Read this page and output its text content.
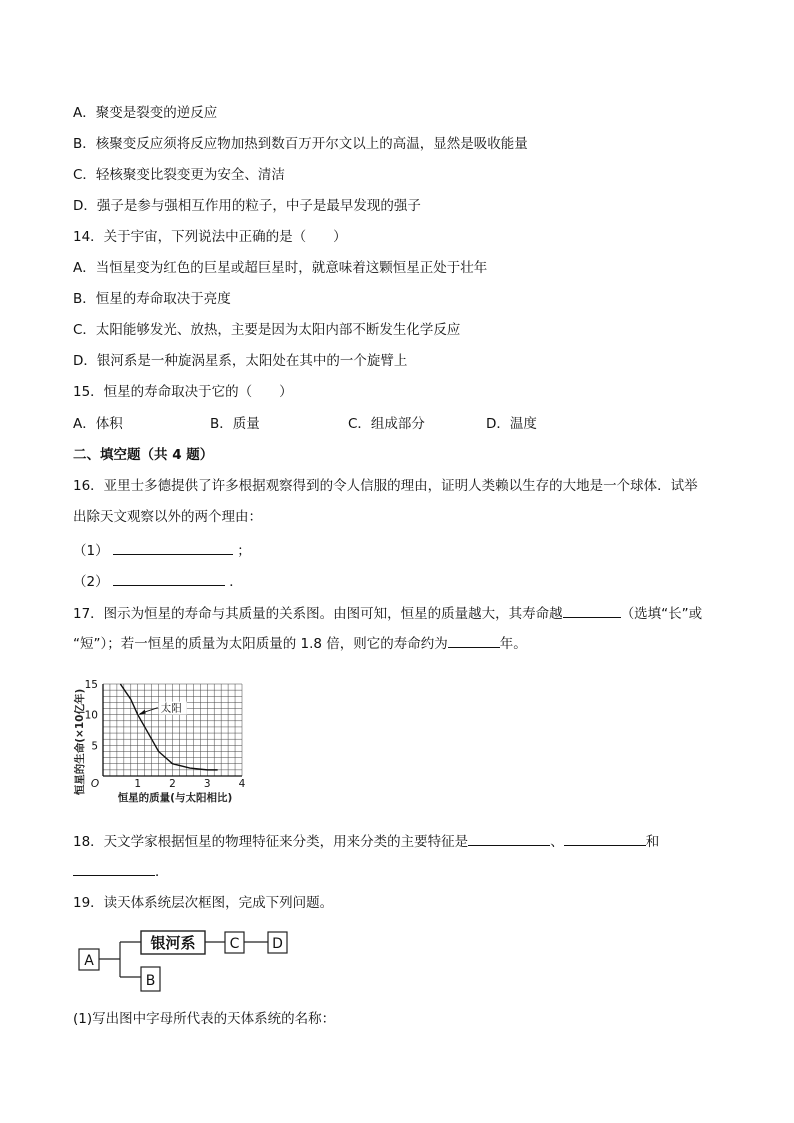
A．聚变是裂变的逆反应
B．核聚变反应须将反应物加热到数百万开尔文以上的高温，显然是吸收能量
C．轻核聚变比裂变更为安全、清洁
D．强子是参与强相互作用的粒子，中子是最早发现的强子
14．关于宇宙，下列说法中正确的是（　　）
A．当恒星变为红色的巨星或超巨星时，就意味着这颗恒星正处于壮年
B．恒星的寿命取决于亮度
C．太阳能够发光、放热，主要是因为太阳内部不断发生化学反应
D．银河系是一种旋涡星系，太阳处在其中的一个旋臂上
15．恒星的寿命取决于它的（　　）
A．体积	B．质量	C．组成部分	D．温度
二、填空题（共 4 题）
16．亚里士多德提供了许多根据观察得到的令人信服的理由，证明人类赖以生存的大地是一个球体．试举
出除天文观察以外的两个理由：
（1）	；
（2）	．
17．图示为恒星的寿命与其质量的关系图。由图可知，恒星的质量越大，其寿命越	（选填“长”或
“短”）；若一恒星的质量为太阳质量的 1.8 倍，则它的寿命约为	年。
1	2	3	4
5
10
15
O
太阳
恒星的生命(×10亿年)
恒星的质量(与太阳相比)
18．天文学家根据恒星的物理特征来分类，用来分类的主要特征是	、	和
．
19．读天体系统层次框图，完成下列问题。
A
银河系 C D
B
(1)写出图中字母所代表的天体系统的名称：
